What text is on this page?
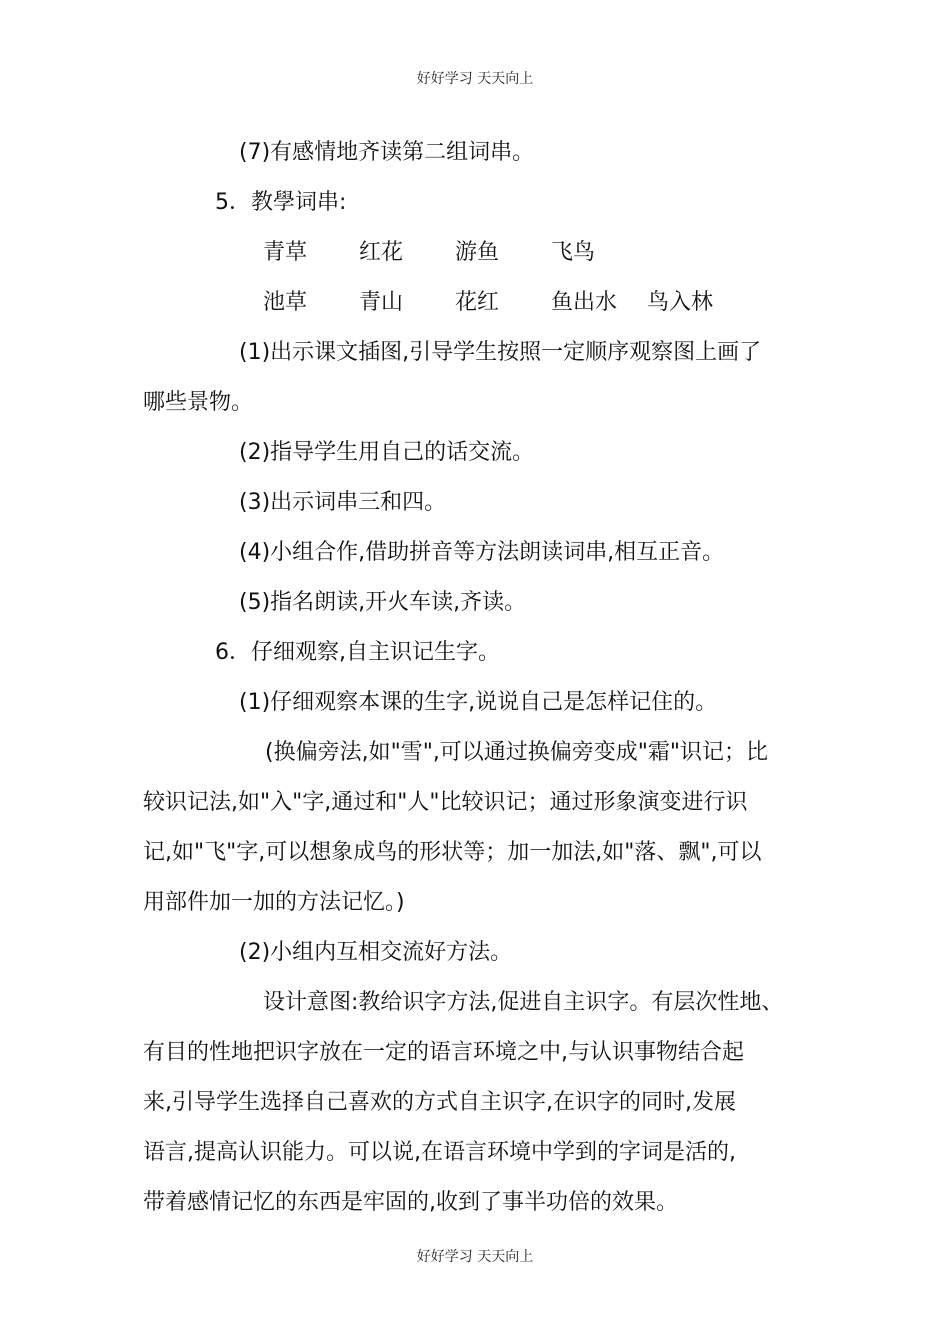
好好学习 天天向上
(7)有感情地齐读第二组词串。
5．教學词串:
青草	红花	游鱼	飞鸟
池草	青山	花红	鱼出水	鸟入林
(1)出示课文插图,引导学生按照一定顺序观察图上画了
哪些景物。
(2)指导学生用自己的话交流。
(3)出示词串三和四。
(4)小组合作,借助拼音等方法朗读词串,相互正音。
(5)指名朗读,开火车读,齐读。
6．仔细观察,自主识记生字。
(1)仔细观察本课的生字,说说自己是怎样记住的。
(换偏旁法,如"雪",可以通过换偏旁变成"霜"识记；比
较识记法,如"入"字,通过和"人"比较识记；通过形象演变进行识
记,如"飞"字,可以想象成鸟的形状等；加一加法,如"落、飘",可以
用部件加一加的方法记忆。)
(2)小组内互相交流好方法。
设计意图:教给识字方法,促进自主识字。有层次性地、
有目的性地把识字放在一定的语言环境之中,与认识事物结合起
来,引导学生选择自己喜欢的方式自主识字,在识字的同时,发展
语言,提高认识能力。可以说,在语言环境中学到的字词是活的,
带着感情记忆的东西是牢固的,收到了事半功倍的效果。
好好学习 天天向上
